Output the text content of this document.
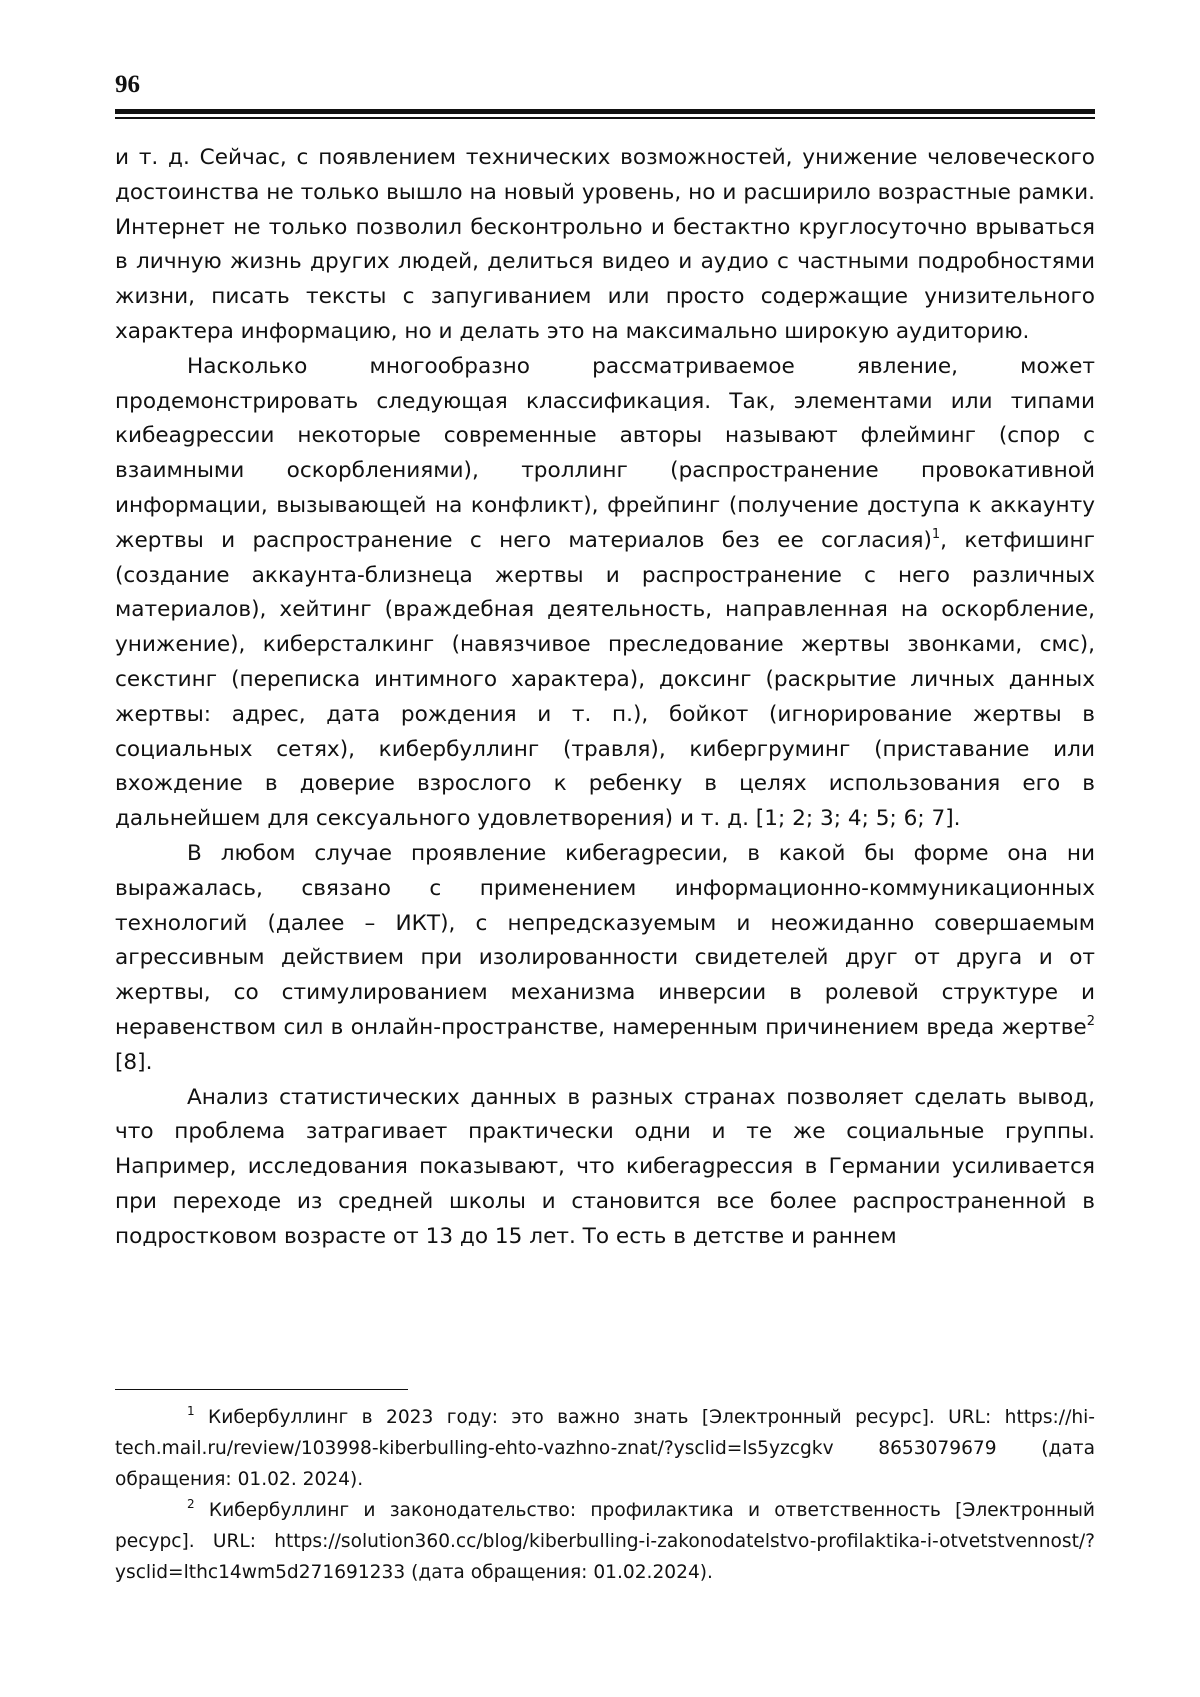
96

и т. д. Сейчас, с появлением технических возможностей, унижение человеческого достоинства не только вышло на новый уровень, но и расширило возрастные рамки. Интернет не только позволил бесконтрольно и бестактно круглосуточно врываться в личную жизнь других людей, делиться видео и аудио с частными подробностями жизни, писать тексты с запугиванием или просто содержащие унизительного характера информацию, но и делать это на максимально широкую аудиторию.

Насколько многообразно рассматриваемое явление, может продемонстрировать следующая классификация. Так, элементами или типами кибеagрессии некоторые современные авторы называют флейминг (спор с взаимными оскорблениями), троллинг (распространение провокативной информации, вызывающей на конфликт), фрейпинг (получение доступа к аккаунту жертвы и распространение с него материалов без ее согласия)$^1$, кетфишинг (создание аккаунта-близнеца жертвы и распространение с него различных материалов), хейтинг (враждебная деятельность, направленная на оскорбление, унижение), киберсталкинг (навязчивое преследование жертвы звонками, смс), секстинг (переписка интимного характера), доксинг (раскрытие личных данных жертвы: адрес, дата рождения и т. п.), бойкот (игнорирование жертвы в социальных сетях), кибербуллинг (травля), кибергруминг (приставание или вхождение в доверие взрослого к ребенку в целях использования его в дальнейшем для сексуального удовлетворения) и т. д. [1; 2; 3; 4; 5; 6; 7].

В любом случае проявление кибeragресии, в какой бы форме она ни выражалась, связано с применением информационно-коммуникационных технологий (далее – ИКТ), с непредсказуемым и неожиданно совершаемым агрессивным действием при изолированности свидетелей друг от друга и от жертвы, со стимулированием механизма инверсии в ролевой структуре и неравенством сил в онлайн-пространстве, намеренным причинением вреда жертве$^2$ [8].

Анализ статистических данных в разных странах позволяет сделать вывод, что проблема затрагивает практически одни и те же социальные группы. Например, исследования показывают, что кибeragрессия в Германии усиливается при переходе из средней школы и становится все более распространенной в подростковом возрасте от 13 до 15 лет. То есть в детстве и раннем

$^1$ Кибербуллинг в 2023 году: это важно знать [Электронный ресурс]. URL: https://hi-tech.mail.ru/review/103998-kiberbulling-ehto-vazhno-znat/?ysclid=ls5yzcgkv 8653079679 (дата обращения: 01.02. 2024).

$^2$ Кибербуллинг и законодательство: профилактика и ответственность [Электронный ресурс]. URL: https://solution360.cc/blog/kiberbulling-i-zakonodatelstvo-profilaktika-i-otvetstvennost/?ysclid=lthc14wm5d271691233 (дата обращения: 01.02.2024).
